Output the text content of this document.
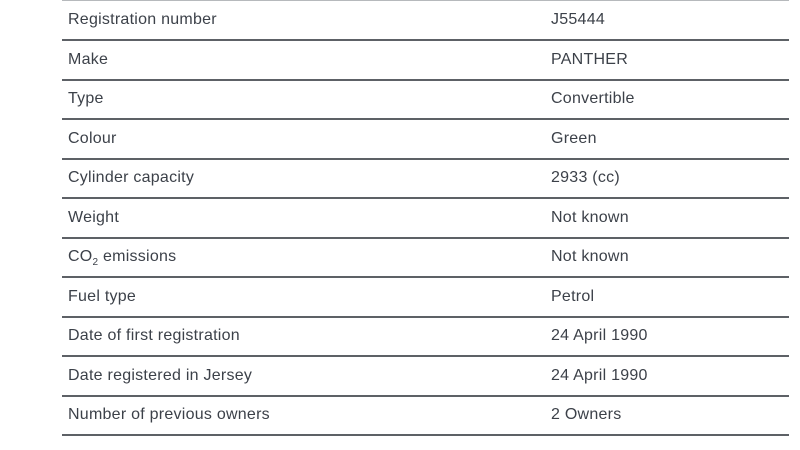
Registration number	J55444
Make	PANTHER
Type	Convertible
Colour	Green
Cylinder capacity	2933 (cc)
Weight	Not known
$CO_2$ emissions	Not known
Fuel type	Petrol
Date of first registration	24 April 1990
Date registered in Jersey	24 April 1990
Number of previous owners	2 Owners
